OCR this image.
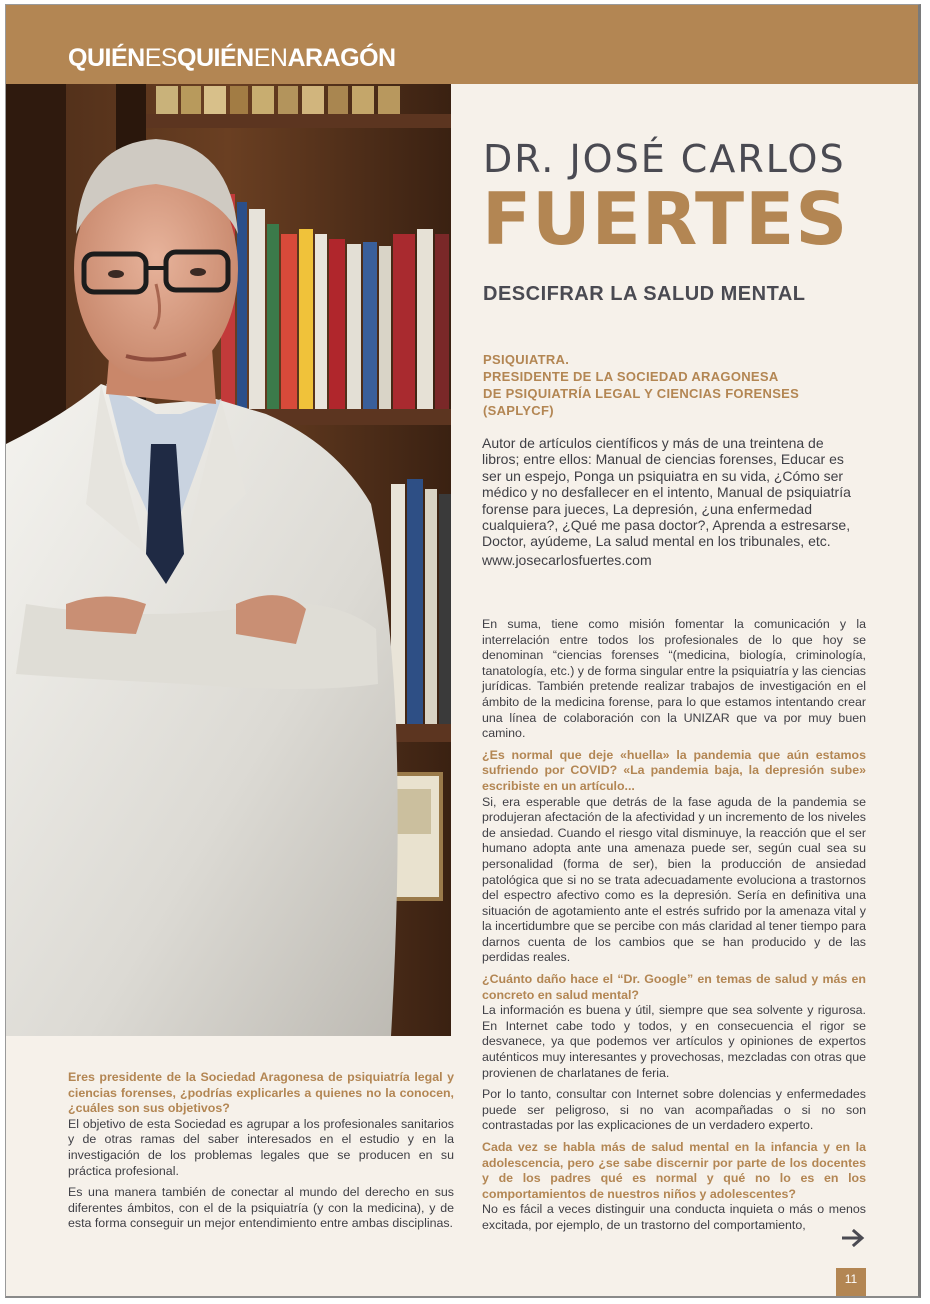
QUIÉNESQUIÉNENARAGÓN
DR. JOSÉ CARLOS
FUERTES
DESCIFRAR LA SALUD MENTAL
PSIQUIATRA.
PRESIDENTE DE LA SOCIEDAD ARAGONESA
DE PSIQUIATRÍA LEGAL Y CIENCIAS FORENSES
(SAPLYCF)
Autor de artículos científicos y más de una treintena de libros; entre ellos: Manual de ciencias forenses, Educar es ser un espejo, Ponga un psiquiatra en su vida, ¿Cómo ser médico y no desfallecer en el intento, Manual de psiquiatría forense para jueces, La depresión, ¿una enfermedad cualquiera?, ¿Qué me pasa doctor?, Aprenda a estresarse, Doctor, ayúdeme, La salud mental en los tribunales, etc.
www.josecarlosfuertes.com

En suma, tiene como misión fomentar la comunicación y la interrelación entre todos los profesionales de lo que hoy se denominan “ciencias forenses “(medicina, biología, criminología, tanatología, etc.) y de forma singular entre la psiquiatría y las ciencias jurídicas. También pretende realizar trabajos de investigación en el ámbito de la medicina forense, para lo que estamos intentando crear una línea de colaboración con la UNIZAR que va por muy buen camino.

¿Es normal que deje «huella» la pandemia que aún estamos sufriendo por COVID? «La pandemia baja, la depresión sube» escribiste en un artículo...

Si, era esperable que detrás de la fase aguda de la pandemia se produjeran afectación de la afectividad y un incremento de los niveles de ansiedad. Cuando el riesgo vital disminuye, la reacción que el ser humano adopta ante una amenaza puede ser, según cual sea su personalidad (forma de ser), bien la producción de ansiedad patológica que si no se trata adecuadamente evoluciona a trastornos del espectro afectivo como es la depresión. Sería en definitiva una situación de agotamiento ante el estrés sufrido por la amenaza vital y la incertidumbre que se percibe con más claridad al tener tiempo para darnos cuenta de los cambios que se han producido y de las perdidas reales.

¿Cuánto daño hace el “Dr. Google” en temas de salud y más en concreto en salud mental?

La información es buena y útil, siempre que sea solvente y rigurosa. En Internet cabe todo y todos, y en consecuencia el rigor se desvanece, ya que podemos ver artículos y opiniones de expertos auténticos muy interesantes y provechosas, mezcladas con otras que provienen de charlatanes de feria.

Por lo tanto, consultar con Internet sobre dolencias y enfermedades puede ser peligroso, si no van acompañadas o si no son contrastadas por las explicaciones de un verdadero experto.

Cada vez se habla más de salud mental en la infancia y en la adolescencia, pero ¿se sabe discernir por parte de los docentes y de los padres qué es normal y qué no lo es en los comportamientos de nuestros niños y adolescentes?

No es fácil a veces distinguir una conducta inquieta o más o menos excitada, por ejemplo, de un trastorno del comportamiento,

Eres presidente de la Sociedad Aragonesa de psiquiatría legal y ciencias forenses, ¿podrías explicarles a quienes no la conocen, ¿cuáles son sus objetivos?

El objetivo de esta Sociedad es agrupar a los profesionales sanitarios y de otras ramas del saber interesados en el estudio y en la investigación de los problemas legales que se producen en su práctica profesional.

Es una manera también de conectar al mundo del derecho en sus diferentes ámbitos, con el de la psiquiatría (y con la medicina), y de esta forma conseguir un mejor entendimiento entre ambas disciplinas.

11
